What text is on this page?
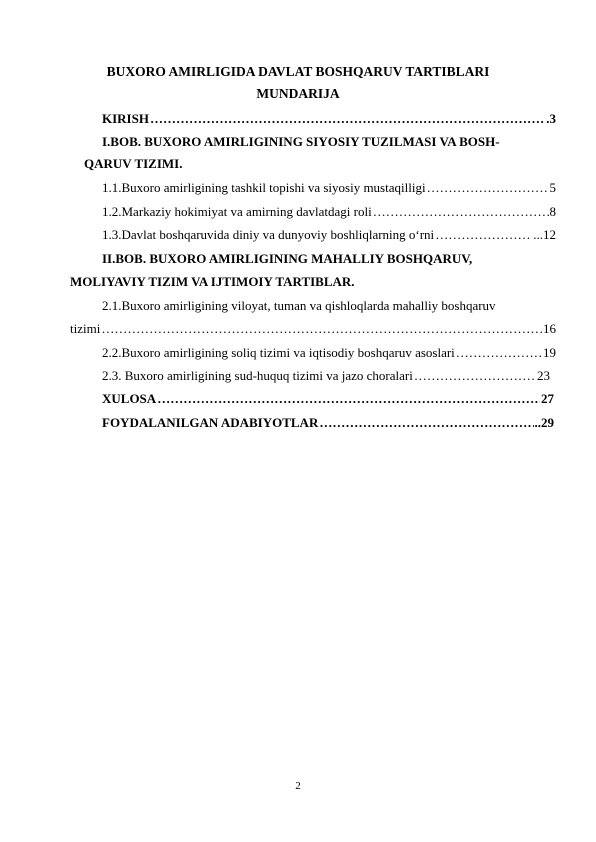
BUXORO AMIRLIGIDA DAVLAT BOSHQARUV TARTIBLARI
MUNDARIJA
KIRISH ……………………………………………………………………………………………………………………………………………………………………	.3
I.BOB. BUXORO AMIRLIGINING SIYOSIY TUZILMASI VA BOSH-
QARUV TIZIMI.
1.1.Buxoro amirligining tashkil topishi va siyosiy mustaqilligi ……………………………………………………………………………………………………………………………………………………………………	5
1.2.Markaziy hokimiyat va amirning davlatdagi roli ……………………………………………………………………………………………………………………………………………………………………	8
1.3.Davlat boshqaruvida diniy va dunyoviy boshliqlarning o‘rni ……………………………………………………………………………………………………………………………………………………………………	...12
II.BOB. BUXORO AMIRLIGINING MAHALLIY BOSHQARUV,
MOLIYAVIY TIZIM VA IJTIMOIY TARTIBLAR.
2.1.Buxoro amirligining viloyat, tuman va qishloqlarda mahalliy boshqaruv
tizimi ……………………………………………………………………………………………………………………………………………………………………	16
2.2.Buxoro amirligining soliq tizimi va iqtisodiy boshqaruv asoslari ……………………………………………………………………………………………………………………………………………………………………	19
2.3. Buxoro amirligining sud-huquq tizimi va jazo choralari ……………………………………………………………………………………………………………………………………………………………………	23
XULOSA ……………………………………………………………………………………………………………………………………………………………………	27
FOYDALANILGAN ADABIYOTLAR ……………………………………………………………………………………………………………………………………………………………………	..29
2
